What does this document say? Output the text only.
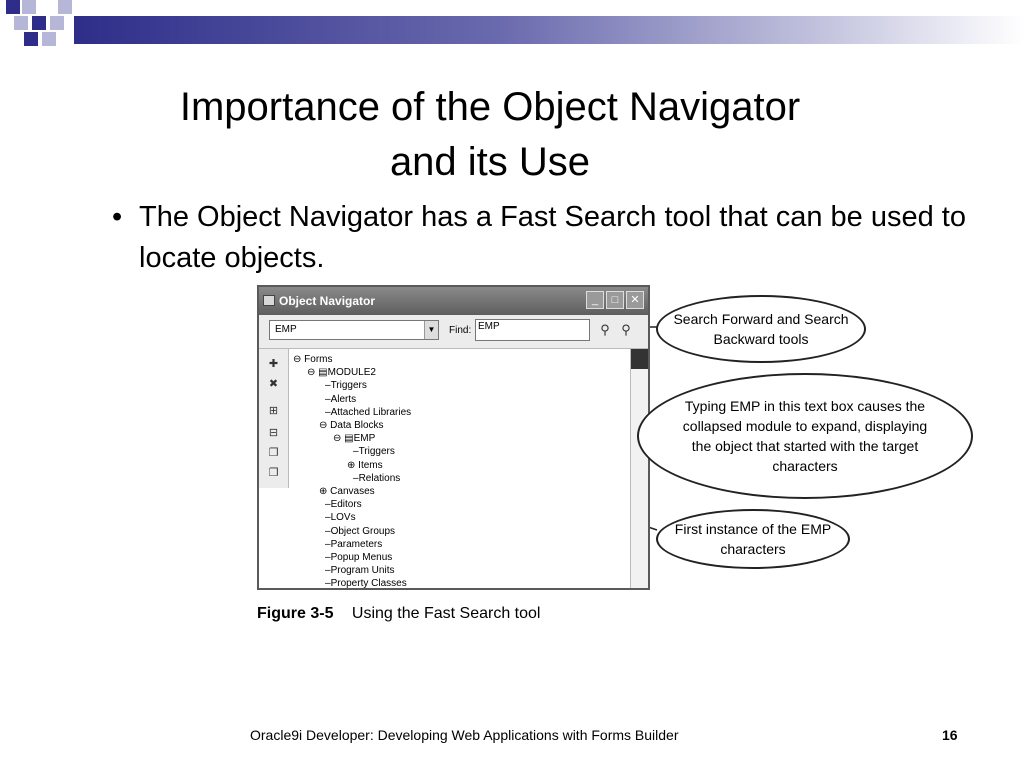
Importance of the Object Navigator
and its Use
• The Object Navigator has a Fast Search tool that can be used to locate objects.
Object Navigator	_	□	✕
EMP	▼ Find: EMP	⚲ ⚲
✚
✖
⊞
⊟
❐
❐
⊖ Forms
⊖ ▤MODULE2
–Triggers
–Alerts
–Attached Libraries
⊖ Data Blocks
⊖ ▤EMP
–Triggers
⊕ Items
–Relations
⊕ Canvases
–Editors
–LOVs
–Object Groups
–Parameters
–Popup Menus
–Program Units
–Property Classes
Search Forward and Search Backward tools
Typing EMP in this text box causes the collapsed module to expand, displaying the object that started with the target characters
First instance of the EMP characters
Figure 3-5 Using the Fast Search tool
Oracle9i Developer: Developing Web Applications with Forms Builder	16
